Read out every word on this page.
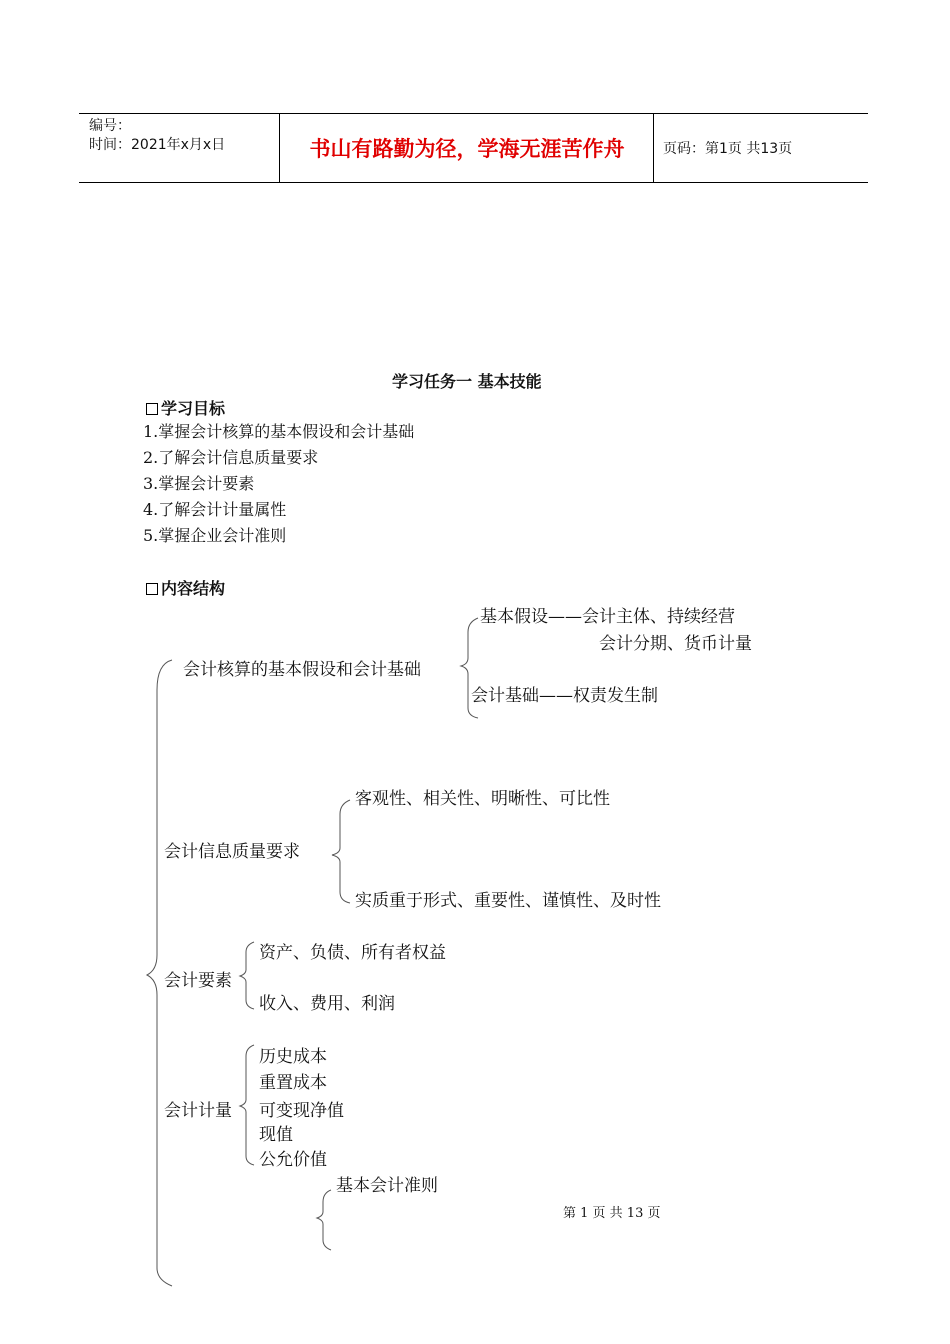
编号：
时间：2021年x月x日	书山有路勤为径，学海无涯苦作舟	页码：第1页 共13页
学习任务一 基本技能
学习目标
1.掌握会计核算的基本假设和会计基础
2.了解会计信息质量要求
3.掌握会计要素
4.了解会计计量属性
5.掌握企业会计准则
内容结构
会计核算的基本假设和会计基础
基本假设——会计主体、持续经营
会计分期、货币计量
会计基础——权责发生制
会计信息质量要求
客观性、相关性、明晰性、可比性
实质重于形式、重要性、谨慎性、及时性
会计要素
资产、负债、所有者权益
收入、费用、利润
会计计量
历史成本
重置成本
可变现净值
现值
公允价值
基本会计准则
第 1 页 共 13 页
